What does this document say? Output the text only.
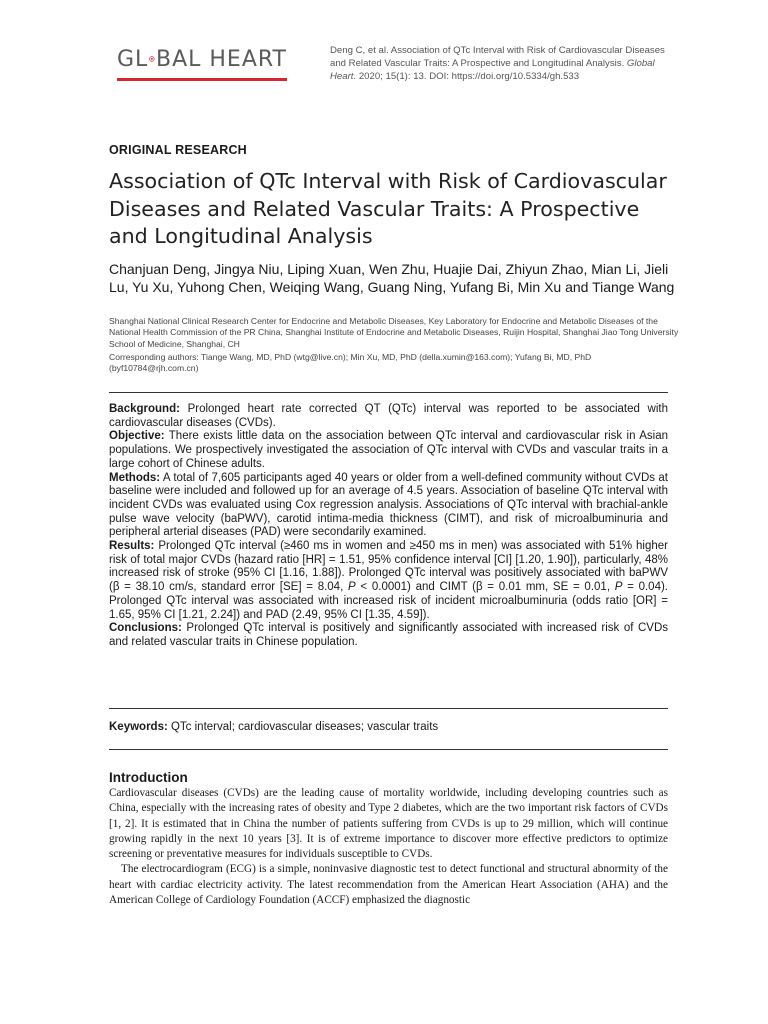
GL BAL HEART	Deng C, et al. Association of QTc Interval with Risk of Cardiovascular Diseases and Related Vascular Traits: A Prospective and Longitudinal Analysis. Global Heart. 2020; 15(1): 13. DOI: https://doi.org/10.5334/gh.533
ORIGINAL RESEARCH
Association of QTc Interval with Risk of Cardiovascular Diseases and Related Vascular Traits: A Prospective and Longitudinal Analysis
Chanjuan Deng, Jingya Niu, Liping Xuan, Wen Zhu, Huajie Dai, Zhiyun Zhao, Mian Li, Jieli Lu, Yu Xu, Yuhong Chen, Weiqing Wang, Guang Ning, Yufang Bi, Min Xu and Tiange Wang
Shanghai National Clinical Research Center for Endocrine and Metabolic Diseases, Key Laboratory for Endocrine and Metabolic Diseases of the National Health Commission of the PR China, Shanghai Institute of Endocrine and Metabolic Diseases, Ruijin Hospital, Shanghai Jiao Tong University School of Medicine, Shanghai, CH
Corresponding authors: Tiange Wang, MD, PhD (wtg@live.cn); Min Xu, MD, PhD (della.xumin@163.com); Yufang Bi, MD, PhD (byf10784@rjh.com.cn)

Background: Prolonged heart rate corrected QT (QTc) interval was reported to be associated with cardiovascular diseases (CVDs).

Objective: There exists little data on the association between QTc interval and cardiovascular risk in Asian populations. We prospectively investigated the association of QTc interval with CVDs and vascular traits in a large cohort of Chinese adults.

Methods: A total of 7,605 participants aged 40 years or older from a well-defined community without CVDs at baseline were included and followed up for an average of 4.5 years. Association of baseline QTc interval with incident CVDs was evaluated using Cox regression analysis. Associations of QTc interval with brachial-ankle pulse wave velocity (baPWV), carotid intima-media thickness (CIMT), and risk of microalbuminuria and peripheral arterial diseases (PAD) were secondarily examined.

Results: Prolonged QTc interval (≥460 ms in women and ≥450 ms in men) was associated with 51% higher risk of total major CVDs (hazard ratio [HR] = 1.51, 95% confidence interval [CI] [1.20, 1.90]), particularly, 48% increased risk of stroke (95% CI [1.16, 1.88]). Prolonged QTc interval was positively associated with baPWV (β = 38.10 cm/s, standard error [SE] = 8.04, P < 0.0001) and CIMT (β = 0.01 mm, SE = 0.01, P = 0.04). Prolonged QTc interval was associated with increased risk of incident microalbuminuria (odds ratio [OR] = 1.65, 95% CI [1.21, 2.24]) and PAD (2.49, 95% CI [1.35, 4.59]).

Conclusions: Prolonged QTc interval is positively and significantly associated with increased risk of CVDs and related vascular traits in Chinese population.

Keywords: QTc interval; cardiovascular diseases; vascular traits
Introduction

Cardiovascular diseases (CVDs) are the leading cause of mortality worldwide, including developing countries such as China, especially with the increasing rates of obesity and Type 2 diabetes, which are the two important risk factors of CVDs [1, 2]. It is estimated that in China the number of patients suffering from CVDs is up to 29 million, which will continue growing rapidly in the next 10 years [3]. It is of extreme importance to discover more effective predictors to optimize screening or preventative measures for individuals susceptible to CVDs.

The electrocardiogram (ECG) is a simple, noninvasive diagnostic test to detect functional and structural abnormity of the heart with cardiac electricity activity. The latest recommendation from the American Heart Association (AHA) and the American College of Cardiology Foundation (ACCF) emphasized the diagnostic
